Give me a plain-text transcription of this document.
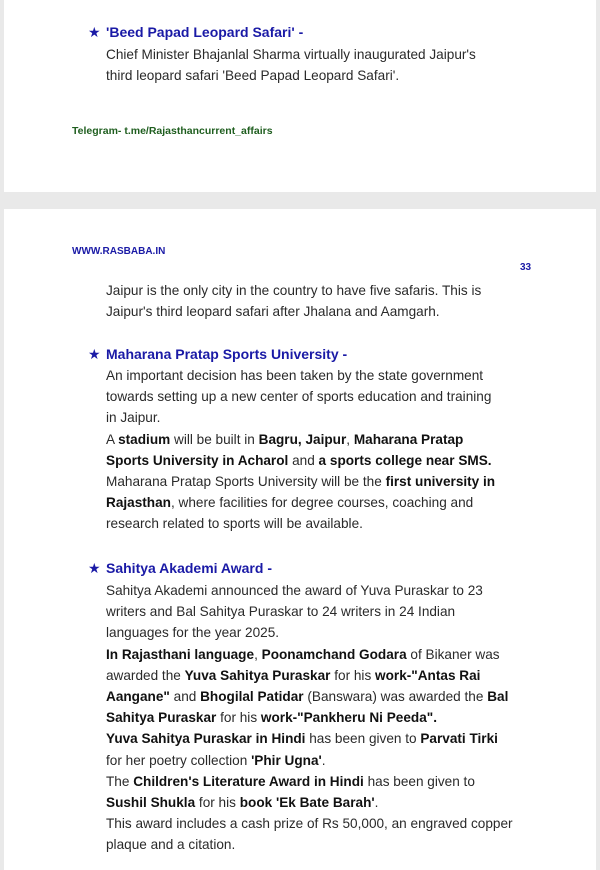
★ 'Beed Papad Leopard Safari' -

Chief Minister Bhajanlal Sharma virtually inaugurated Jaipur's

third leopard safari 'Beed Papad Leopard Safari'.

Telegram- t.me/Rajasthancurrent_affairs
WWW.RASBABA.IN
33

Jaipur is the only city in the country to have five safaris. This is

Jaipur's third leopard safari after Jhalana and Aamgarh.

★ Maharana Pratap Sports University -

An important decision has been taken by the state government

towards setting up a new center of sports education and training

in Jaipur.

A stadium will be built in Bagru, Jaipur, Maharana Pratap

Sports University in Acharol and a sports college near SMS.

Maharana Pratap Sports University will be the first university in

Rajasthan, where facilities for degree courses, coaching and

research related to sports will be available.

★ Sahitya Akademi Award -

Sahitya Akademi announced the award of Yuva Puraskar to 23

writers and Bal Sahitya Puraskar to 24 writers in 24 Indian

languages for the year 2025.

In Rajasthani language, Poonamchand Godara of Bikaner was

awarded the Yuva Sahitya Puraskar for his work-"Antas Rai

Aangane" and Bhogilal Patidar (Banswara) was awarded the Bal

Sahitya Puraskar for his work-"Pankheru Ni Peeda".

Yuva Sahitya Puraskar in Hindi has been given to Parvati Tirki

for her poetry collection 'Phir Ugna'.

The Children's Literature Award in Hindi has been given to

Sushil Shukla for his book 'Ek Bate Barah'.

This award includes a cash prize of Rs 50,000, an engraved copper

plaque and a citation.
